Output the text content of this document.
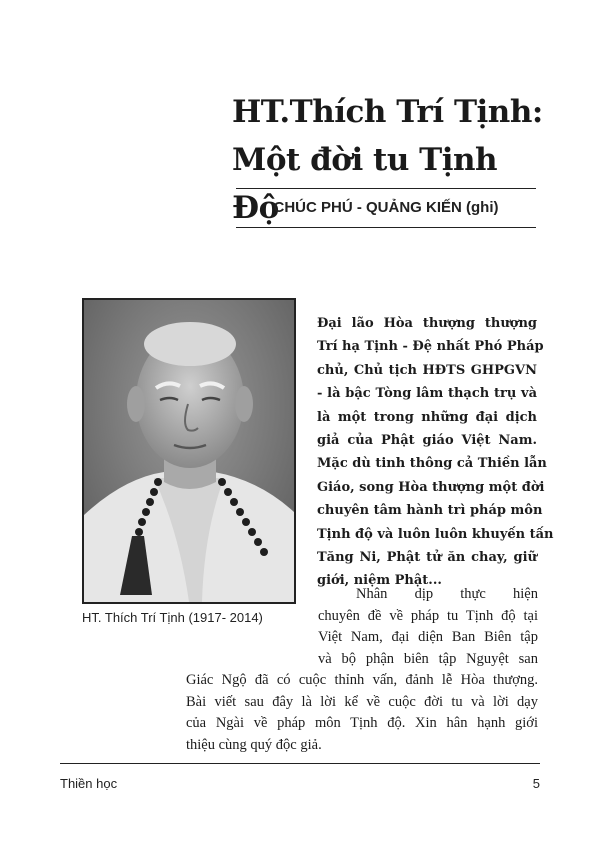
HT.Thích Trí Tịnh:
Một đời tu Tịnh Độ
CHÚC PHÚ - QUẢNG KIẾN (ghi)
HT. Thích Trí Tịnh (1917- 2014)
Đại lão Hòa thượng thượng
Trí hạ Tịnh - Đệ nhất Phó Pháp
chủ, Chủ tịch HĐTS GHPGVN
- là bậc Tòng lâm thạch trụ và
là một trong những đại dịch
giả của Phật giáo Việt Nam.
Mặc dù tinh thông cả Thiền lẫn
Giáo, song Hòa thượng một đời
chuyên tâm hành trì pháp môn
Tịnh độ và luôn luôn khuyến tấn
Tăng Ni, Phật tử ăn chay, giữ
giới, niệm Phật...
Nhân dịp thực hiện
chuyên đề về pháp tu Tịnh độ tại
Việt Nam, đại diện Ban Biên tập
và bộ phận biên tập Nguyệt san
Giác Ngộ đã có cuộc thỉnh vấn, đảnh lễ Hòa thượng.
Bài viết sau đây là lời kể về cuộc đời tu và lời dạy
của Ngài về pháp môn Tịnh độ. Xin hân hạnh giới
thiệu cùng quý độc giả.
Thiền học	5
